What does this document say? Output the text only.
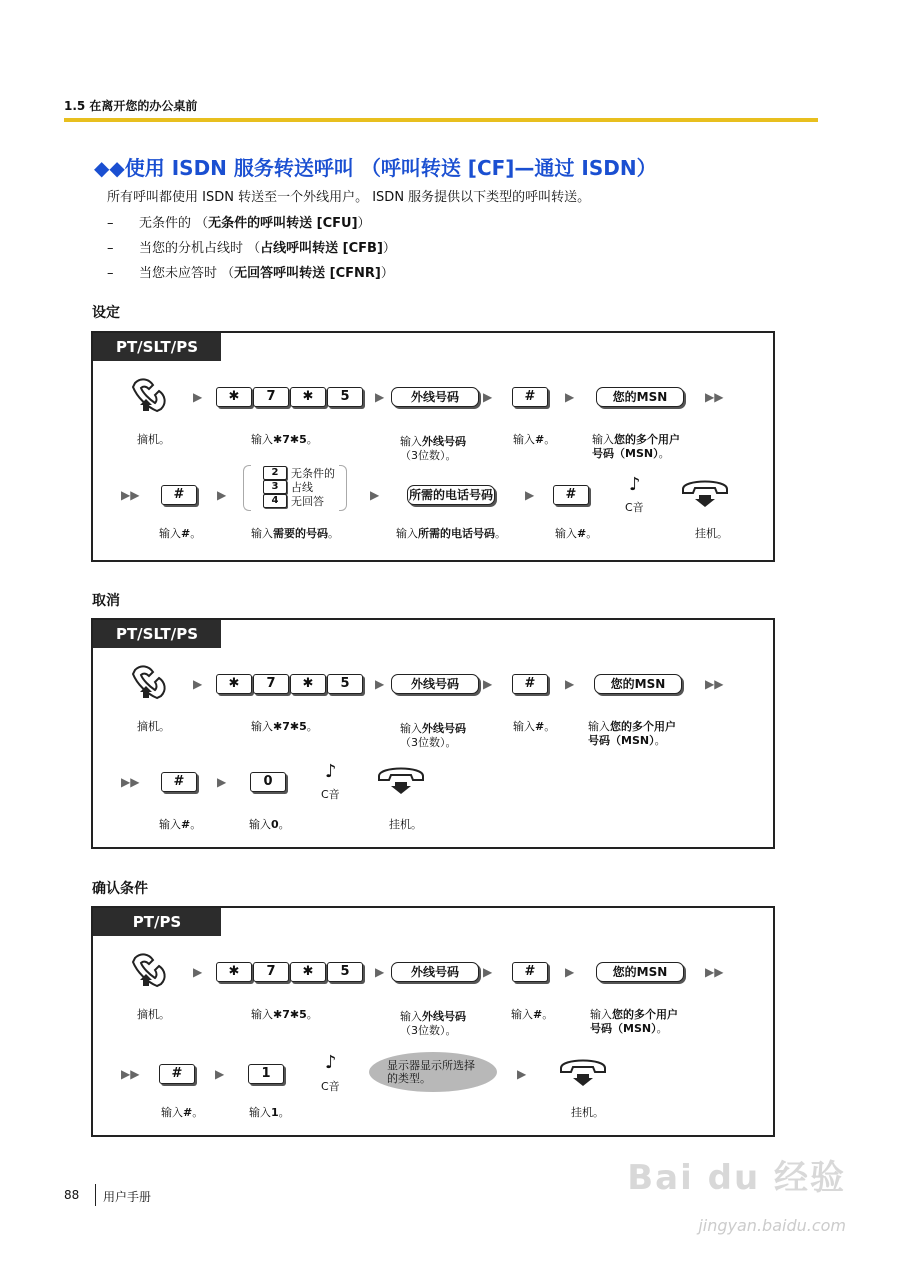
1.5 在离开您的办公桌前
◆◆使用 ISDN 服务转送呼叫 （呼叫转送 [CF]—通过 ISDN）
所有呼叫都使用 ISDN 转送至一个外线用户。 ISDN 服务提供以下类型的呼叫转送。
– 无条件的 （无条件的呼叫转送 [CFU]）
– 当您的分机占线时 （占线呼叫转送 [CFB]）
– 当您未应答时 （无回答呼叫转送 [CFNR]）
设定
PT/SLT/PS
▶	✱	7	✱	5	▶	外线号码	▶	#	▶	您的MSN	▶▶
摘机。	输入✱7✱5。	输入外线号码
（3位数）。
输入#。	输入您的多个用户
号码（MSN）。
▶▶	#	▶
2	无条件的
3	占线
4	无回答	▶ 所需的电话号码	▶	#	♪
C音
输入#。	输入需要的号码。	输入所需的电话号码。	输入#。	挂机。
取消
PT/SLT/PS
▶	✱	7	✱	5	▶	外线号码	▶	#	▶	您的MSN	▶▶
摘机。	输入✱7✱5。	输入外线号码
（3位数）。
输入#。	输入您的多个用户
号码（MSN）。
▶▶	#	▶	0	♪
C音
输入#。	输入0。	挂机。
确认条件
PT/PS
▶	✱	7	✱	5	▶	外线号码	▶	#	▶	您的MSN	▶▶
摘机。	输入✱7✱5。	输入外线号码
（3位数）。
输入#。	输入您的多个用户
号码（MSN）。
▶▶	#	▶	1
♪
C音
显示器显示所选择
的类型。	▶
输入#。	输入1。	挂机。
88 用户手册	Bai du 经验
jingyan.baidu.com
